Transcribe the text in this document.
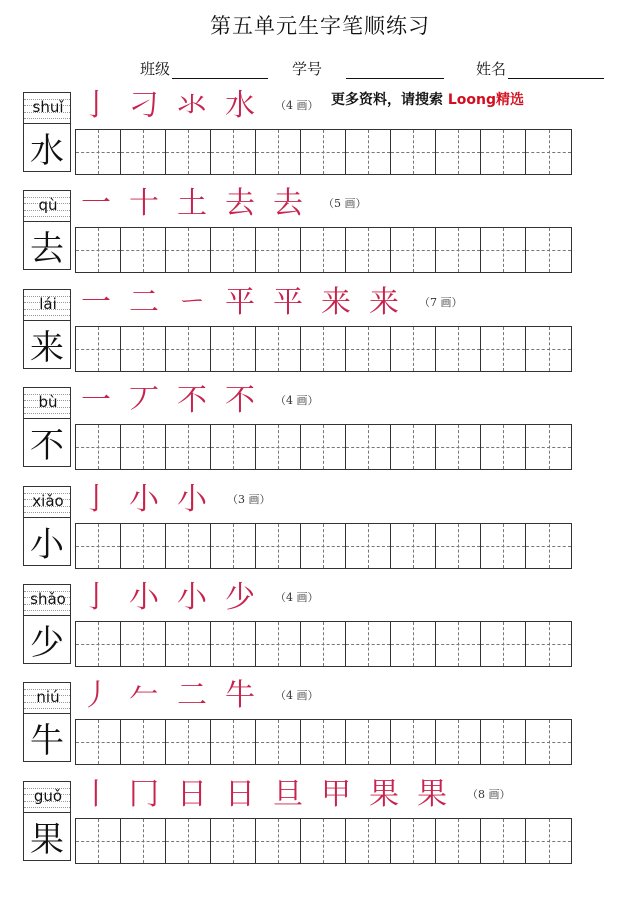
第五单元生字笔顺练习
班级	学号	姓名
更多资料，请搜索 Loong精选
shuǐ
水
亅 刁 氺 水 （4 画）
qù
去
一 十 土 去 去 （5 画）
lái
来
一 二 ㄧ 平 平 来 来 （7 画）
bù
不
一 丆 不 不 （4 画）
xiǎo
小
亅 小 小 （3 画）
shǎo
少
亅 小 小 少 （4 画）
niú
牛
丿 𠂉 二 牛 （4 画）
guǒ
果
丨 冂 日 日 旦 甲 果 果 （8 画）
